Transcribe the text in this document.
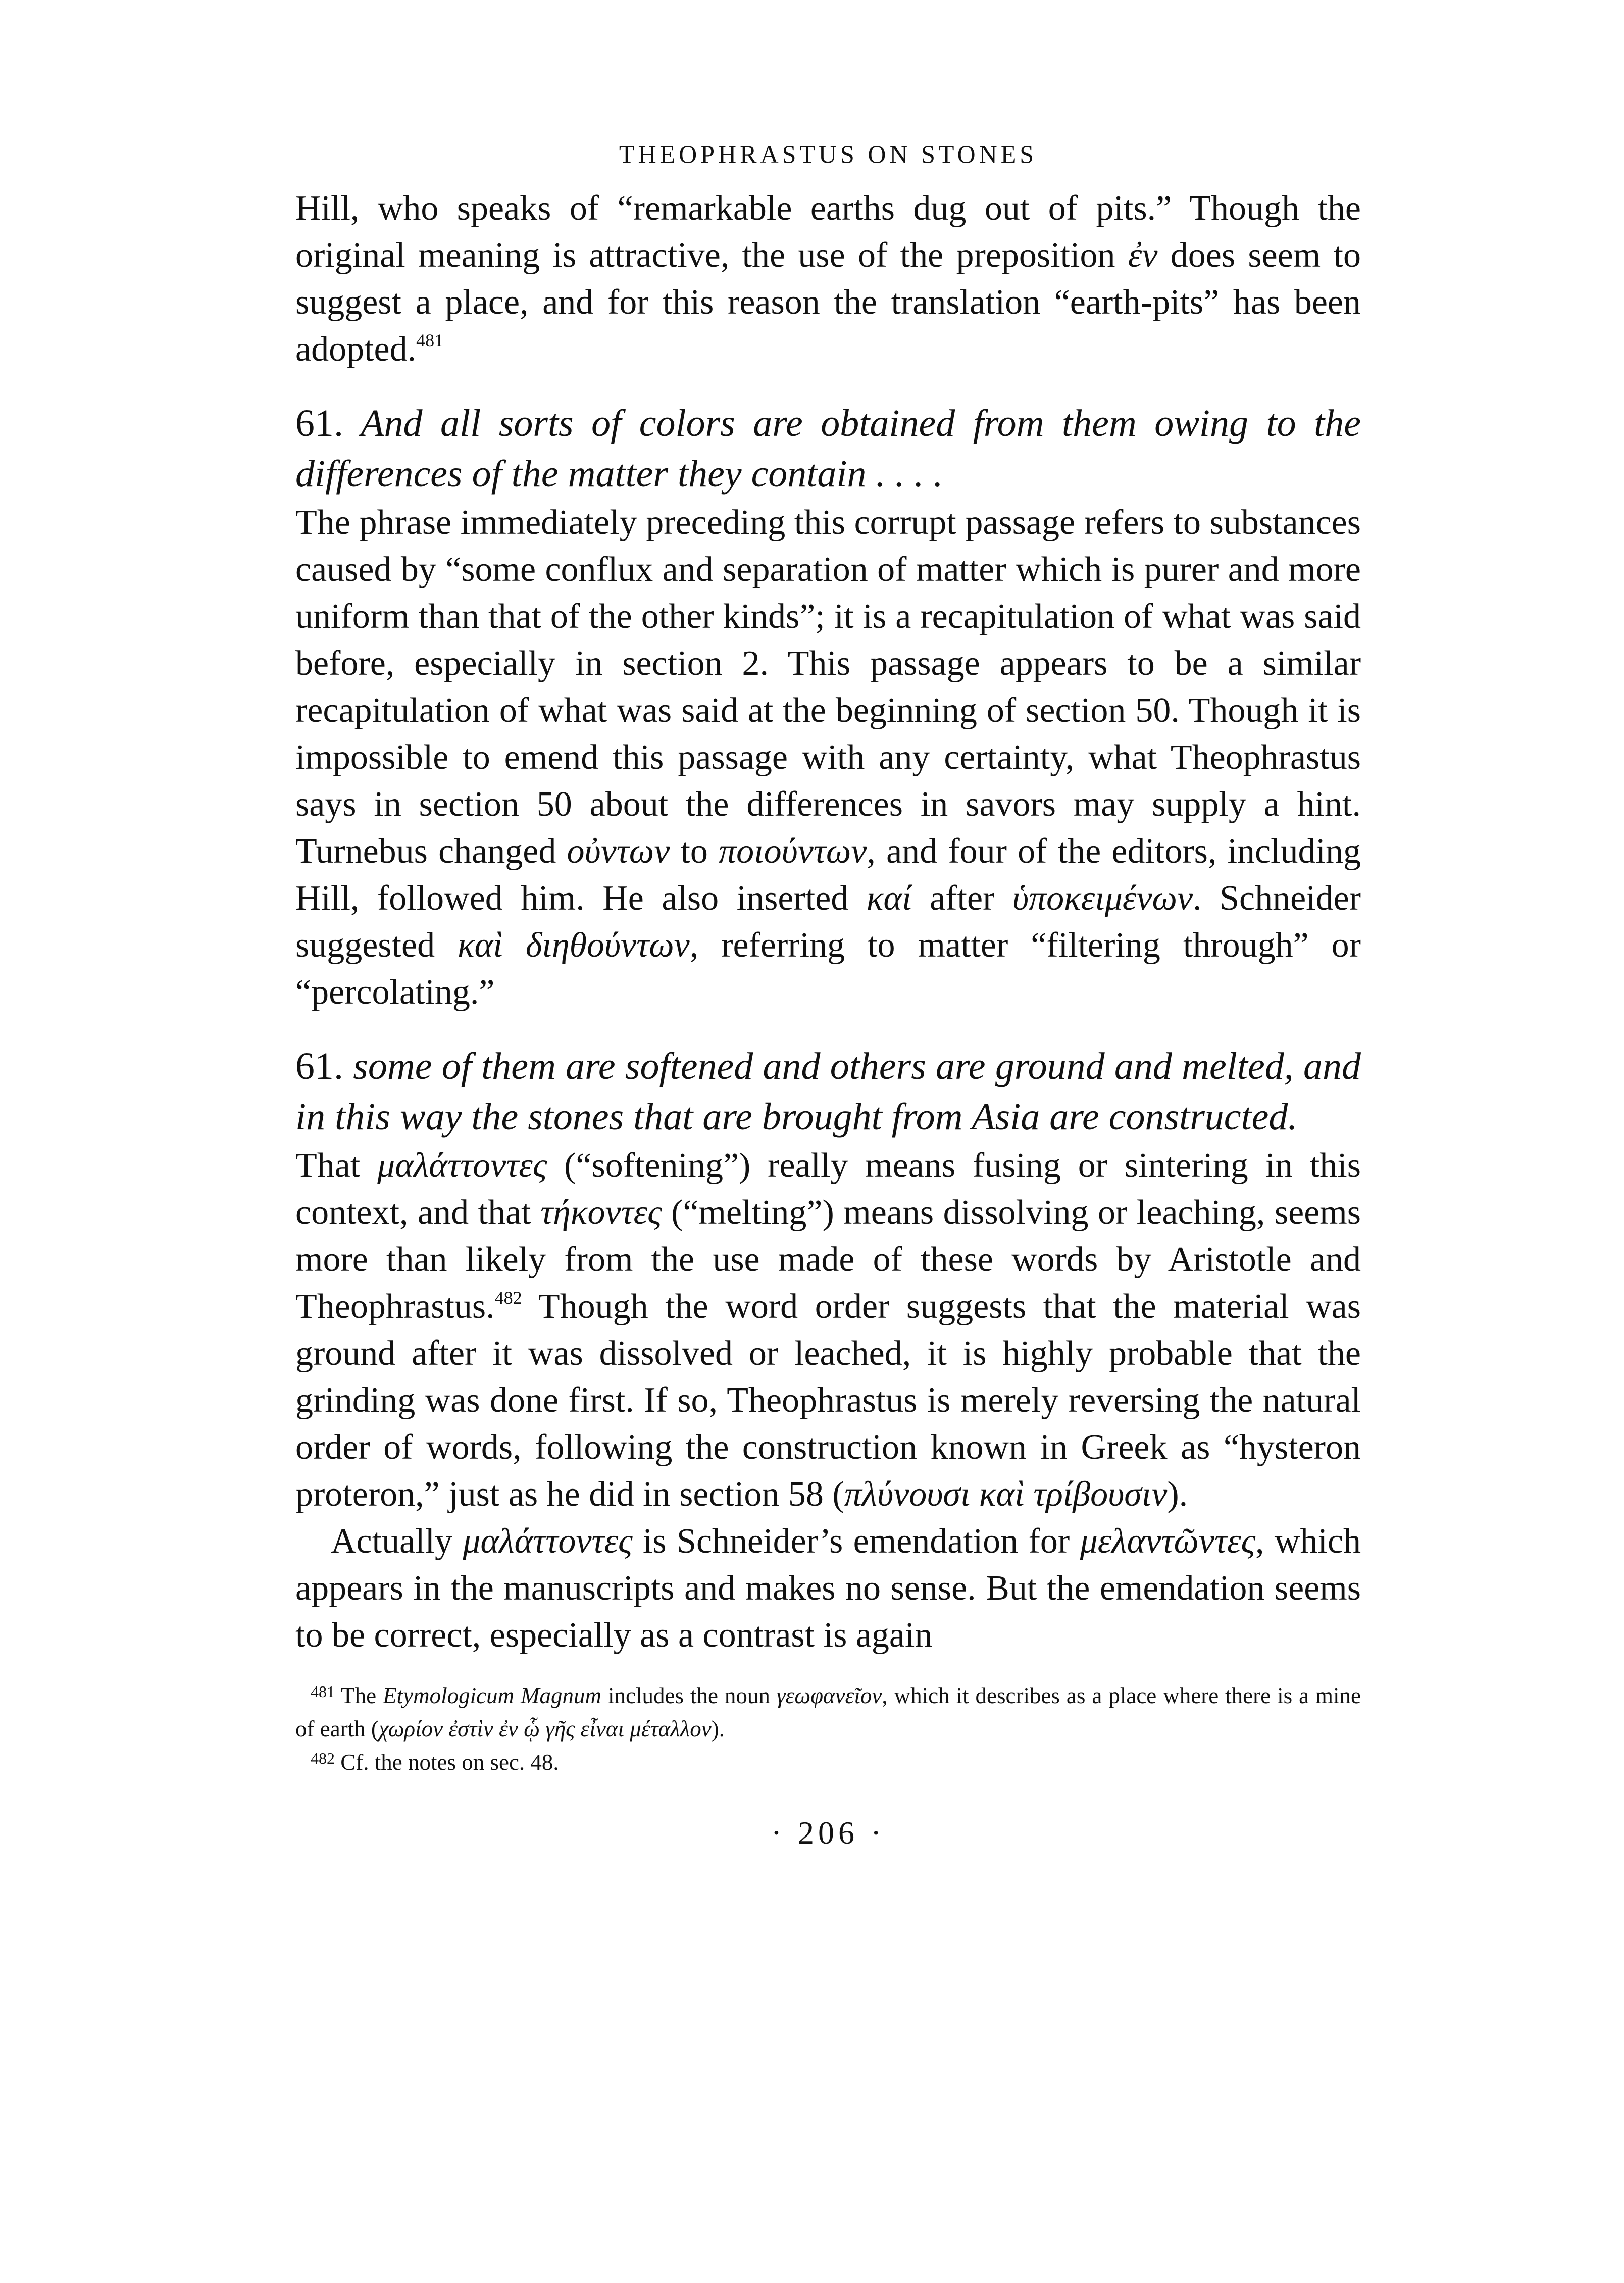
THEOPHRASTUS ON STONES

Hill, who speaks of “remarkable earths dug out of pits.” Though the original meaning is attractive, the use of the preposition ἐν does seem to suggest a place, and for this reason the translation “earth-pits” has been adopted.$^{481}$

61. And all sorts of colors are obtained from them owing to the differences of the matter they contain . . . .

The phrase immediately preceding this corrupt passage refers to substances caused by “some conflux and separation of matter which is purer and more uniform than that of the other kinds”; it is a recapitulation of what was said before, especially in section 2. This passage appears to be a similar recapitulation of what was said at the beginning of section 50. Though it is impossible to emend this passage with any certainty, what Theophrastus says in section 50 about the differences in savors may supply a hint. Turnebus changed οὐντων to ποιούντων, and four of the editors, including Hill, followed him. He also inserted καί after ὑποκειμένων. Schneider suggested καὶ διηθούντων, referring to matter “filtering through” or “percolating.”

61. some of them are softened and others are ground and melted, and in this way the stones that are brought from Asia are constructed.

That μαλάττοντες (“softening”) really means fusing or sintering in this context, and that τήκοντες (“melting”) means dissolving or leaching, seems more than likely from the use made of these words by Aristotle and Theophrastus.$^{482}$ Though the word order suggests that the material was ground after it was dissolved or leached, it is highly probable that the grinding was done first. If so, Theophrastus is merely reversing the natural order of words, following the construction known in Greek as “hysteron proteron,” just as he did in section 58 (πλύνουσι καὶ τρίβουσιν).

Actually μαλάττοντες is Schneider’s emendation for μελαντῶντες, which appears in the manuscripts and makes no sense. But the emendation seems to be correct, especially as a contrast is again

$^{481}$ The Etymologicum Magnum includes the noun γεωφανεῖον, which it describes as a place where there is a mine of earth (χωρίον ἐστὶν ἐν ᾧ γῆς εἶναι μέταλλον).

$^{482}$ Cf. the notes on sec. 48.

· 206 ·
